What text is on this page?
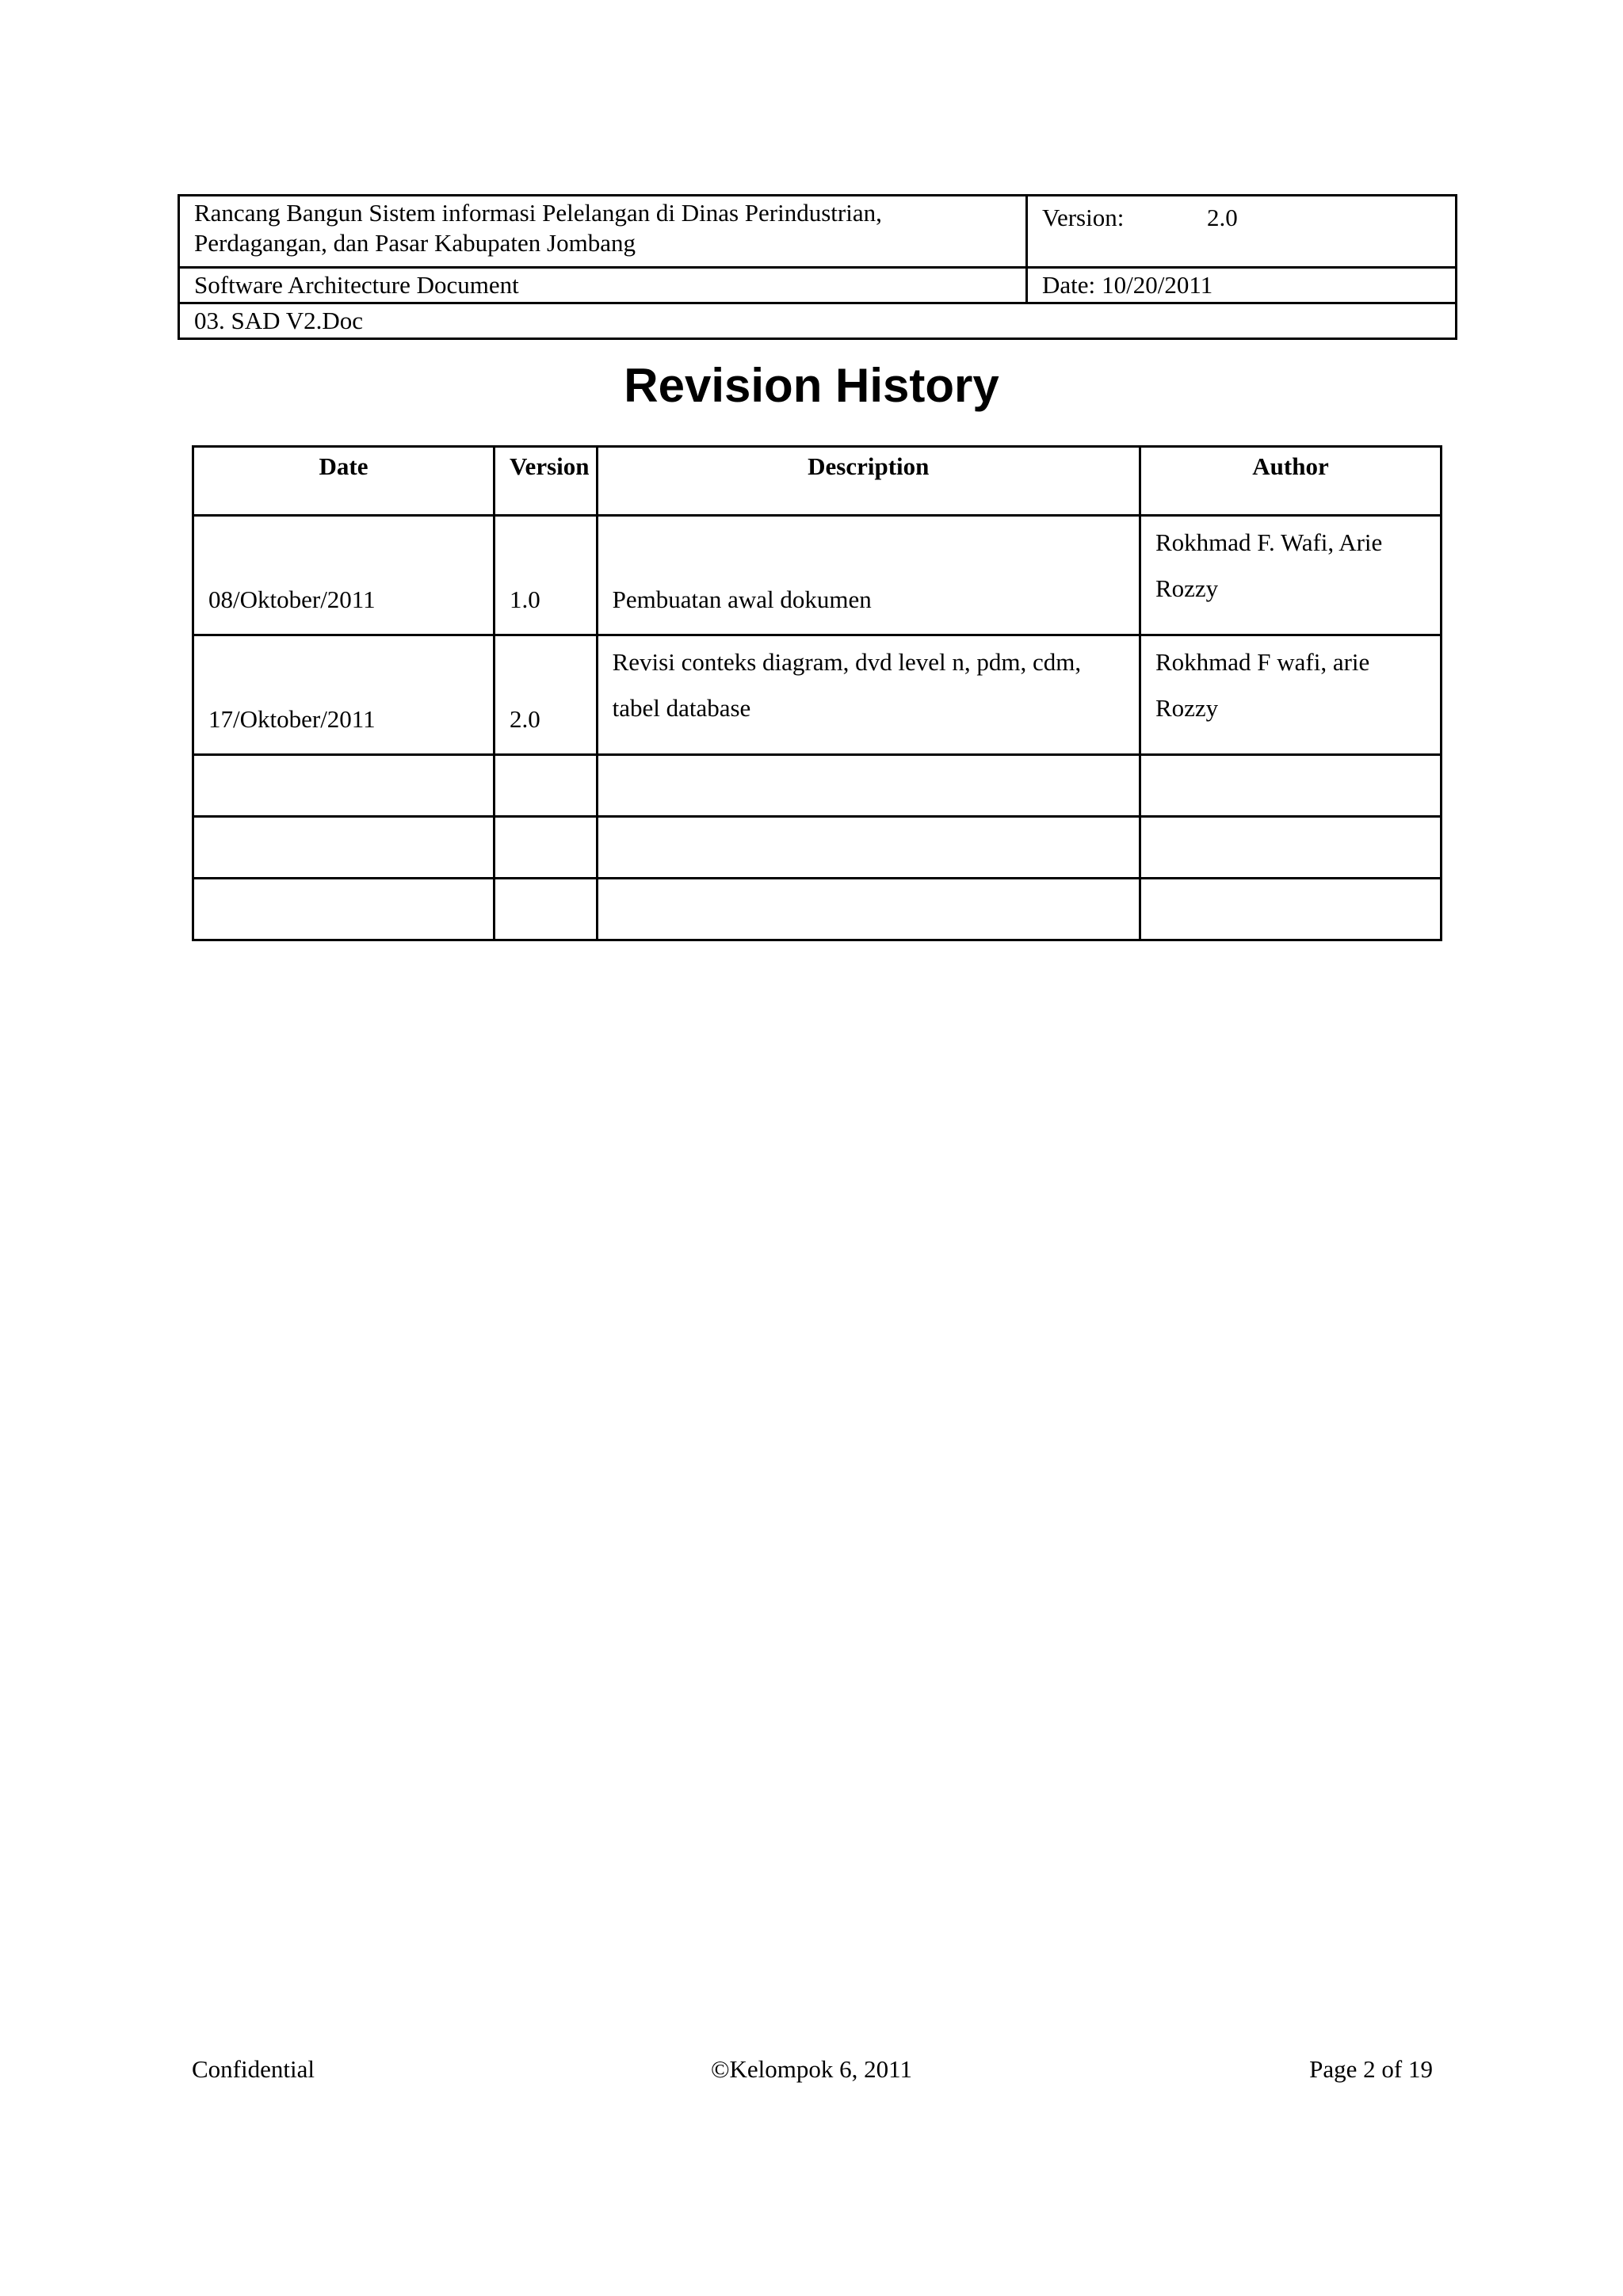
Rancang Bangun Sistem informasi Pelelangan di Dinas Perindustrian, Perdagangan, dan Pasar Kabupaten Jombang	Version: 2.0
Software Architecture Document	Date: 10/20/2011
03. SAD V2.Doc	
Revision History
Date	Version	Description	Author
08/Oktober/2011	1.0	Pembuatan awal dokumen	Rokhmad F. Wafi, Arie Rozzy
17/Oktober/2011	2.0	Revisi conteks diagram, dvd level n, pdm, cdm, tabel database	Rokhmad F wafi, arie Rozzy

Confidential	©Kelompok 6, 2011	Page 2 of 19
